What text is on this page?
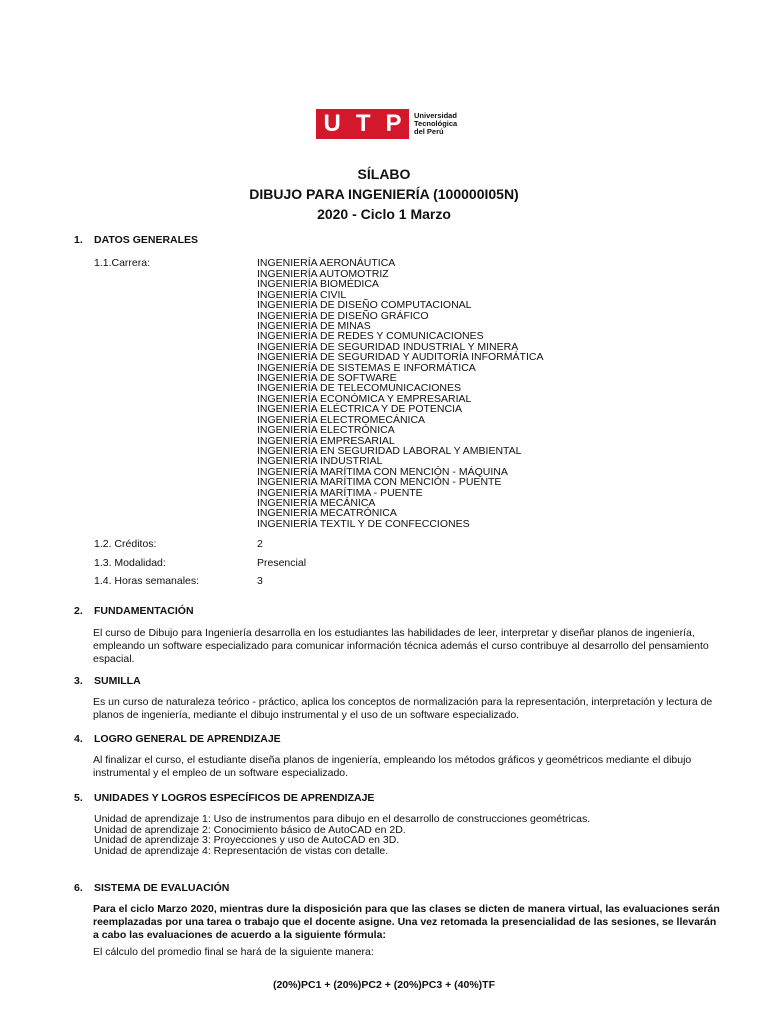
U T P Universidad
Tecnológica
del Perú
SÍLABO
DIBUJO PARA INGENIERÍA (100000I05N)
2020 - Ciclo 1 Marzo
1. DATOS GENERALES
1.1.Carrera:	INGENIERÍA AERONÁUTICA
INGENIERÍA AUTOMOTRIZ
INGENIERÍA BIOMÉDICA
INGENIERÍA CIVIL
INGENIERÍA DE DISEÑO COMPUTACIONAL
INGENIERÍA DE DISEÑO GRÁFICO
INGENIERÍA DE MINAS
INGENIERÍA DE REDES Y COMUNICACIONES
INGENIERÍA DE SEGURIDAD INDUSTRIAL Y MINERA
INGENIERÍA DE SEGURIDAD Y AUDITORÍA INFORMÁTICA
INGENIERÍA DE SISTEMAS E INFORMÁTICA
INGENIERÍA DE SOFTWARE
INGENIERÍA DE TELECOMUNICACIONES
INGENIERÍA ECONÓMICA Y EMPRESARIAL
INGENIERÍA ELÉCTRICA Y DE POTENCIA
INGENIERÍA ELECTROMECÁNICA
INGENIERÍA ELECTRÓNICA
INGENIERÍA EMPRESARIAL
INGENIERÍA EN SEGURIDAD LABORAL Y AMBIENTAL
INGENIERÍA INDUSTRIAL
INGENIERÍA MARÍTIMA CON MENCIÓN - MÁQUINA
INGENIERÍA MARÍTIMA CON MENCIÓN - PUENTE
INGENIERÍA MARÍTIMA - PUENTE
INGENIERÍA MECÁNICA
INGENIERÍA MECATRÓNICA
INGENIERÍA TEXTIL Y DE CONFECCIONES
1.2. Créditos:	2
1.3. Modalidad:	Presencial
1.4. Horas semanales:	3
2. FUNDAMENTACIÓN
El curso de Dibujo para Ingeniería desarrolla en los estudiantes las habilidades de leer, interpretar y diseñar planos de ingeniería, empleando un software especializado para comunicar información técnica además el curso contribuye al desarrollo del pensamiento espacial.
3. SUMILLA
Es un curso de naturaleza teórico - práctico, aplica los conceptos de normalización para la representación, interpretación y lectura de planos de ingeniería, mediante el dibujo instrumental y el uso de un software especializado.
4. LOGRO GENERAL DE APRENDIZAJE
Al finalizar el curso, el estudiante diseña planos de ingeniería, empleando los métodos gráficos y geométricos mediante el dibujo instrumental y el empleo de un software especializado.
5. UNIDADES Y LOGROS ESPECÍFICOS DE APRENDIZAJE
Unidad de aprendizaje 1: Uso de instrumentos para dibujo en el desarrollo de construcciones geométricas.
Unidad de aprendizaje 2: Conocimiento básico de AutoCAD en 2D.
Unidad de aprendizaje 3: Proyecciones y uso de AutoCAD en 3D.
Unidad de aprendizaje 4: Representación de vistas con detalle.
6. SISTEMA DE EVALUACIÓN
Para el ciclo Marzo 2020, mientras dure la disposición para que las clases se dicten de manera virtual, las evaluaciones serán reemplazadas por una tarea o trabajo que el docente asigne. Una vez retomada la presencialidad de las sesiones, se llevarán a cabo las evaluaciones de acuerdo a la siguiente fórmula:
El cálculo del promedio final se hará de la siguiente manera:
(20%)PC1 + (20%)PC2 + (20%)PC3 + (40%)TF
